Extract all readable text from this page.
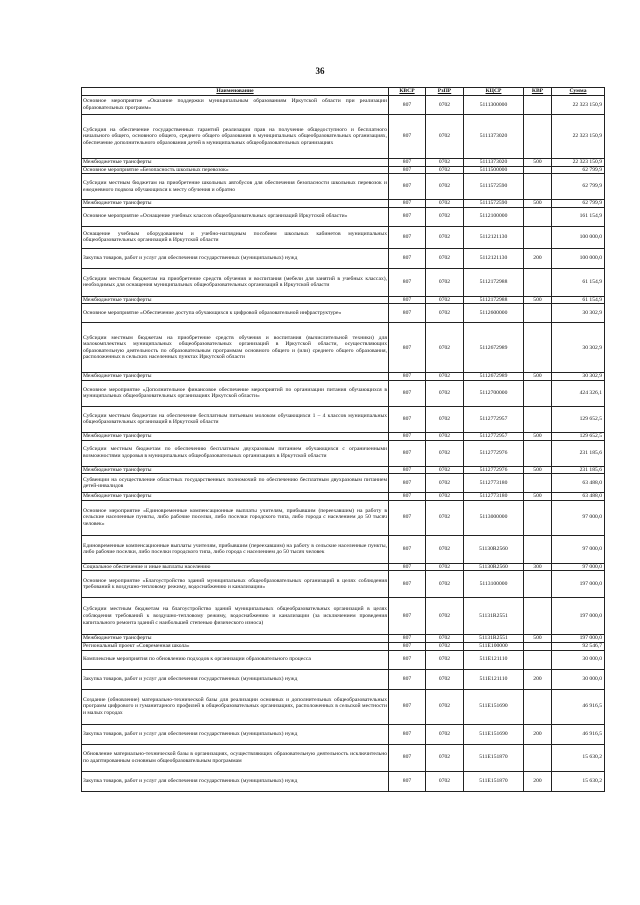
36
Наименование	КВСР	РзПР	КЦСР	КВР	Сумма
Основное мероприятие «Оказание поддержки муниципальным образованиям Иркутской области при реализации образовательных программ»	807	0702	5111300000		22 323 150,9
Субсидия на обеспечение государственных гарантий реализации прав на получение общедоступного и бесплатного начального общего, основного общего, среднего общего образования в муниципальных общеобразовательных организациях, обеспечение дополнительного образования детей в муниципальных общеобразовательных организациях	807	0702	5111373020		22 323 150,9
Межбюджетные трансферты	807	0702	5111373020	500	22 323 150,9
Основное мероприятие «Безопасность школьных перевозок»	807	0702	5111500000		62 799,9
Субсидии местным бюджетам на приобретение школьных автобусов для обеспечения безопасности школьных перевозок и ежедневного подвоза обучающихся к месту обучения и обратно	807	0702	5111572590		62 799,9
Межбюджетные трансферты	807	0702	5111572590	500	62 799,9
Основное мероприятие «Оснащение учебных классов общеобразовательных организаций Иркутской области»	807	0702	5112100000		161 154,9
Оснащение учебным оборудованием и учебно-наглядным пособием школьных кабинетов муниципальных общеобразовательных организаций в Иркутской области	807	0702	5112121130		100 000,0
Закупка товаров, работ и услуг для обеспечения государственных (муниципальных) нужд	807	0702	5112121130	200	100 000,0
Субсидии местным бюджетам на приобретение средств обучения и воспитания (мебели для занятий в учебных классах), необходимых для оснащения муниципальных общеобразовательных организаций в Иркутской области	807	0702	5112172988		61 154,9
Межбюджетные трансферты	807	0702	5112172988	500	61 154,9
Основное мероприятие «Обеспечение доступа обучающихся к цифровой образовательной инфраструктуре»	807	0702	5112600000		30 302,9
Субсидии местным бюджетам на приобретение средств обучения и воспитания (вычислительной техники) для малокомплектных муниципальных общеобразовательных организаций в Иркутской области, осуществляющих образовательную деятельность по образовательным программам основного общего и (или) среднего общего образования, расположенных в сельских населенных пунктах Иркутской области	807	0702	5112672989		30 302,9
Межбюджетные трансферты	807	0702	5112672989	500	30 302,9
Основное мероприятие «Дополнительное финансовое обеспечение мероприятий по организации питания обучающихся в муниципальных общеобразовательных организациях Иркутской области»	807	0702	5112700000		424 326,1
Субсидии местным бюджетам на обеспечение бесплатным питьевым молоком обучающихся 1 – 4 классов муниципальных общеобразовательных организаций в Иркутской области	807	0702	5112772957		129 652,5
Межбюджетные трансферты	807	0702	5112772957	500	129 652,5
Субсидии местным бюджетам по обеспечению бесплатным двухразовым питанием обучающихся с ограниченными возможностями здоровья в муниципальных общеобразовательных организациях в Иркутской области	807	0702	5112772976		231 185,6
Межбюджетные трансферты	807	0702	5112772976	500	231 185,6
Субвенции на осуществление областных государственных полномочий по обеспечению бесплатным двухразовым питанием детей-инвалидов	807	0702	5112773180		63 488,0
Межбюджетные трансферты	807	0702	5112773180	500	63 488,0
Основное мероприятие «Единовременные компенсационные выплаты учителям, прибывшим (переехавшим) на работу в сельские населенные пункты, либо рабочие поселки, либо поселки городского типа, либо города с населением до 50 тысяч человек»	807	0702	5113000000		97 000,0
Единовременные компенсационные выплаты учителям, прибывшим (переехавшим) на работу в сельские населенные пункты, либо рабочие поселки, либо поселки городского типа, либо города с населением до 50 тысяч человек	807	0702	51130R2560		97 000,0
Социальное обеспечение и иные выплаты населению	807	0702	51130R2560	300	97 000,0
Основное мероприятие «Благоустройство зданий муниципальных общеобразовательных организаций в целях соблюдения требований к воздушно-тепловому режиму, водоснабжению и канализации»	807	0702	5113100000		197 000,0
Субсидии местным бюджетам на благоустройство зданий муниципальных общеобразовательных организаций в целях соблюдения требований к воздушно-тепловому режиму, водоснабжению и канализации (за исключением проведения капитального ремонта зданий с наибольшей степенью физического износа)	807	0702	51131R2551		197 000,0
Межбюджетные трансферты	807	0702	51131R2551	500	197 000,0
Региональный проект «Современная школа»	807	0702	511E100000		92 546,7
Комплексные мероприятия по обновлению подходов к организации образовательного процесса	807	0702	511E121110		30 000,0
Закупка товаров, работ и услуг для обеспечения государственных (муниципальных) нужд	807	0702	511E121110	200	30 000,0
Создание (обновление) материально-технической базы для реализации основных и дополнительных общеобразовательных программ цифрового и гуманитарного профилей в общеобразовательных организациях, расположенных в сельской местности и малых городах	807	0702	511E151690		46 916,5
Закупка товаров, работ и услуг для обеспечения государственных (муниципальных) нужд	807	0702	511E151690	200	46 916,5
Обновление материально-технической базы в организациях, осуществляющих образовательную деятельность исключительно по адаптированным основным общеобразовательным программам	807	0702	511E151870		15 630,2
Закупка товаров, работ и услуг для обеспечения государственных (муниципальных) нужд	807	0702	511E151870	200	15 630,2
